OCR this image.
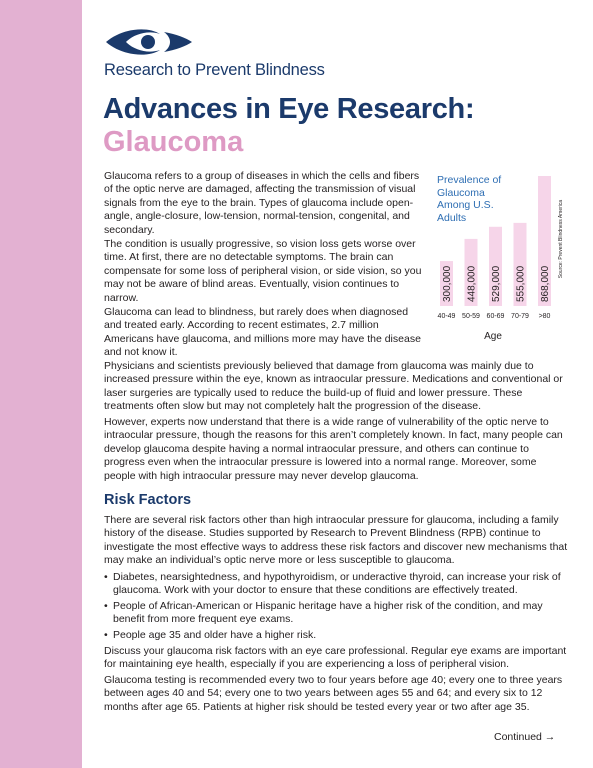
Research to Prevent Blindness
Advances in Eye Research:
Glaucoma
Glaucoma refers to a group of diseases in which the cells and fibers of the optic nerve are damaged, affecting the transmission of visual signals from the eye to the brain. Types of glaucoma include open-angle, angle-closure, low-tension, normal-tension, congenital, and secondary.
The condition is usually progressive, so vision loss gets worse over time. At first, there are no detectable symptoms. The brain can compensate for some loss of peripheral vision, or side vision, so you may not be aware of blind areas. Eventually, vision continues to narrow.
Glaucoma can lead to blindness, but rarely does when diagnosed and treated early. According to recent estimates, 2.7 million Americans have glaucoma, and millions more may have the disease and not know it.
Physicians and scientists previously believed that damage from glaucoma was mainly due to increased pressure within the eye, known as intraocular pressure. Medications and conventional or laser surgeries are typically used to reduce the build-up of fluid and lower pressure. These treatments often slow but may not completely halt the progression of the disease.
However, experts now understand that there is a wide range of vulnerability of the optic nerve to intraocular pressure, though the reasons for this aren’t completely known. In fact, many people can develop glaucoma despite having a normal intraocular pressure, and others can continue to progress even when the intraocular pressure is lowered into a normal range. Moreover, some people with high intraocular pressure may never develop glaucoma.
Risk Factors
There are several risk factors other than high intraocular pressure for glaucoma, including a family history of the disease. Studies supported by Research to Prevent Blindness (RPB) continue to investigate the most effective ways to address these risk factors and discover new mechanisms that may make an individual’s optic nerve more or less susceptible to glaucoma.
• Diabetes, nearsightedness, and hypothyroidism, or underactive thyroid, can increase your risk of glaucoma. Work with your doctor to ensure that these conditions are effectively treated.
• People of African-American or Hispanic heritage have a higher risk of the condition, and may benefit from more frequent eye exams.
• People age 35 and older have a higher risk.
Discuss your glaucoma risk factors with an eye care professional. Regular eye exams are important for maintaining eye health, especially if you are experiencing a loss of peripheral vision.
Glaucoma testing is recommended every two to four years before age 40; every one to three years between ages 40 and 54; every one to two years between ages 55 and 64; and every six to 12 months after age 65. Patients at higher risk should be tested every year or two after age 35.
Continued →
Prevalence of Glaucoma Among U.S. Adults
300,000
40-49
448,000
50-59
529,000
60-69
555,000
70-79
868,000
>80
Age
Source: Prevent Blindness America
